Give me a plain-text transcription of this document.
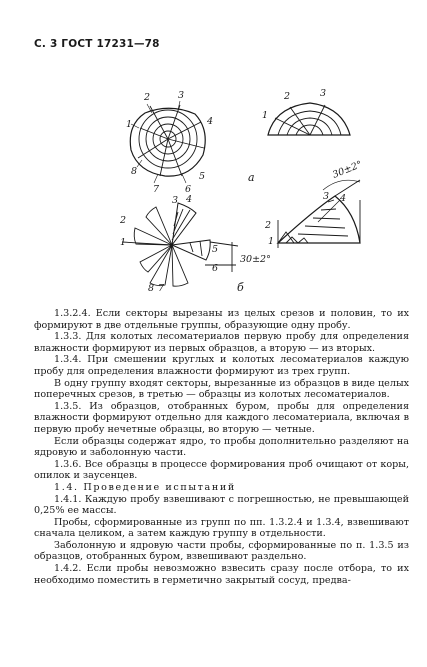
С. 3 ГОСТ 17231—78
2	3
1
8
7	6
5
4
2	3
1
а
3 4
2
1
5
6
8 7
30±2°
б
2
1
3 4
30±2°

1.3.2.4. Если секторы вырезаны из целых срезов и половин, то их формируют в две отдельные группы, образующие одну пробу.

1.3.3. Для колотых лесоматериалов первую пробу для определения влажности формируют из первых образцов, а вторую — из вторых.

1.3.4. При смешении круглых и колотых лесоматериалов каждую пробу для определения влажности формируют из трех групп.

В одну группу входят секторы, вырезанные из образцов в виде целых поперечных срезов, в третью — образцы из колотых лесоматериалов.

1.3.5. Из образцов, отобранных буром, пробы для определения влажности формируют отдельно для каждого лесоматериала, включая в первую пробу нечетные образцы, во вторую — четные.

Если образцы содержат ядро, то пробы дополнительно разделяют на ядровую и заболонную части.

1.3.6. Все образцы в процессе формирования проб очищают от коры, опилок и заусенцев.

1.4. Проведение испытаний

1.4.1. Каждую пробу взвешивают с погрешностью, не превышающей 0,25% ее массы.

Пробы, сформированные из групп по пп. 1.3.2.4 и 1.3.4, взвешивают сначала целиком, а затем каждую группу в отдельности.

Заболонную и ядровую части пробы, сформированные по п. 1.3.5 из образцов, отобранных буром, взвешивают раздельно.

1.4.2. Если пробы невозможно взвесить сразу после отбора, то их необходимо поместить в герметично закрытый сосуд, предва-
